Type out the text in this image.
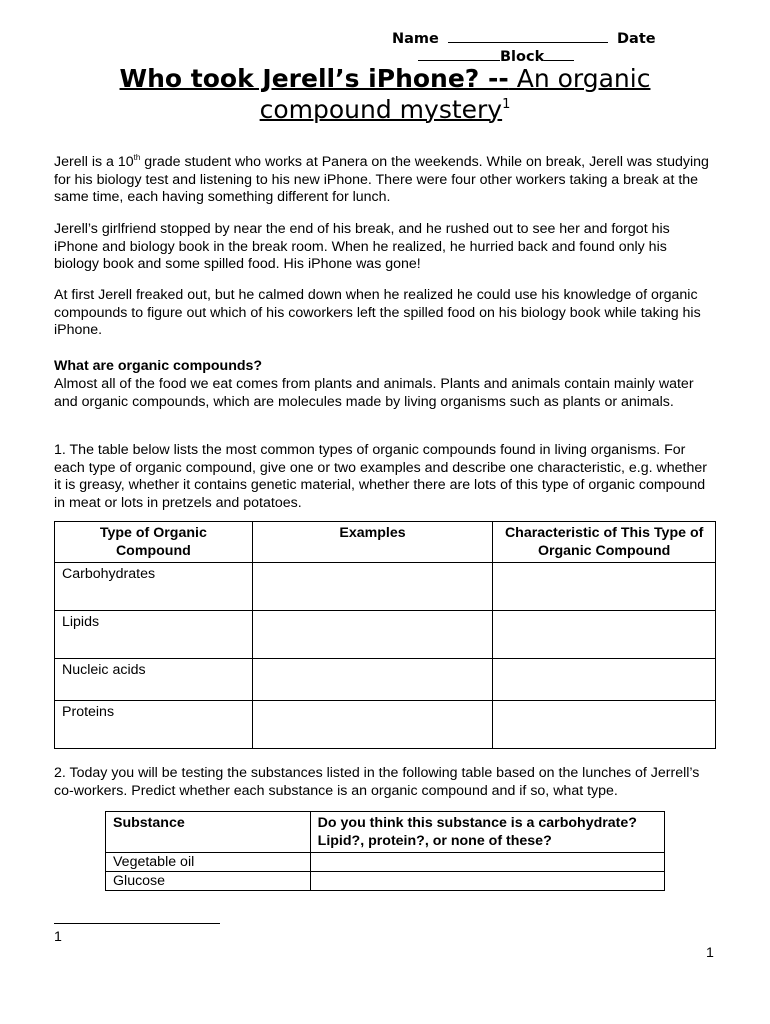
Name	Date
Block
Who took Jerell’s iPhone? -- An organic
compound mystery$^1$
Jerell is a 10th grade student who works at Panera on the weekends. While on break, Jerell was studying for his biology test and listening to his new iPhone. There were four other workers taking a break at the same time, each having something different for lunch.
Jerell’s girlfriend stopped by near the end of his break, and he rushed out to see her and forgot his iPhone and biology book in the break room. When he realized, he hurried back and found only his biology book and some spilled food. His iPhone was gone!
At first Jerell freaked out, but he calmed down when he realized he could use his knowledge of organic compounds to figure out which of his coworkers left the spilled food on his biology book while taking his iPhone.
What are organic compounds?
Almost all of the food we eat comes from plants and animals. Plants and animals contain mainly water and organic compounds, which are molecules made by living organisms such as plants or animals.
1. The table below lists the most common types of organic compounds found in living organisms. For each type of organic compound, give one or two examples and describe one characteristic, e.g. whether it is greasy, whether it contains genetic material, whether there are lots of this type of organic compound in meat or lots in pretzels and potatoes.
Type of Organic Compound	Examples	Characteristic of This Type of Organic Compound
Carbohydrates		
Lipids		
Nucleic acids		
Proteins		
2. Today you will be testing the substances listed in the following table based on the lunches of Jerrell’s co-workers. Predict whether each substance is an organic compound and if so, what type.
Substance	Do you think this substance is a carbohydrate?
Lipid?, protein?, or none of these?

Vegetable oil	
Glucose	
1
1
